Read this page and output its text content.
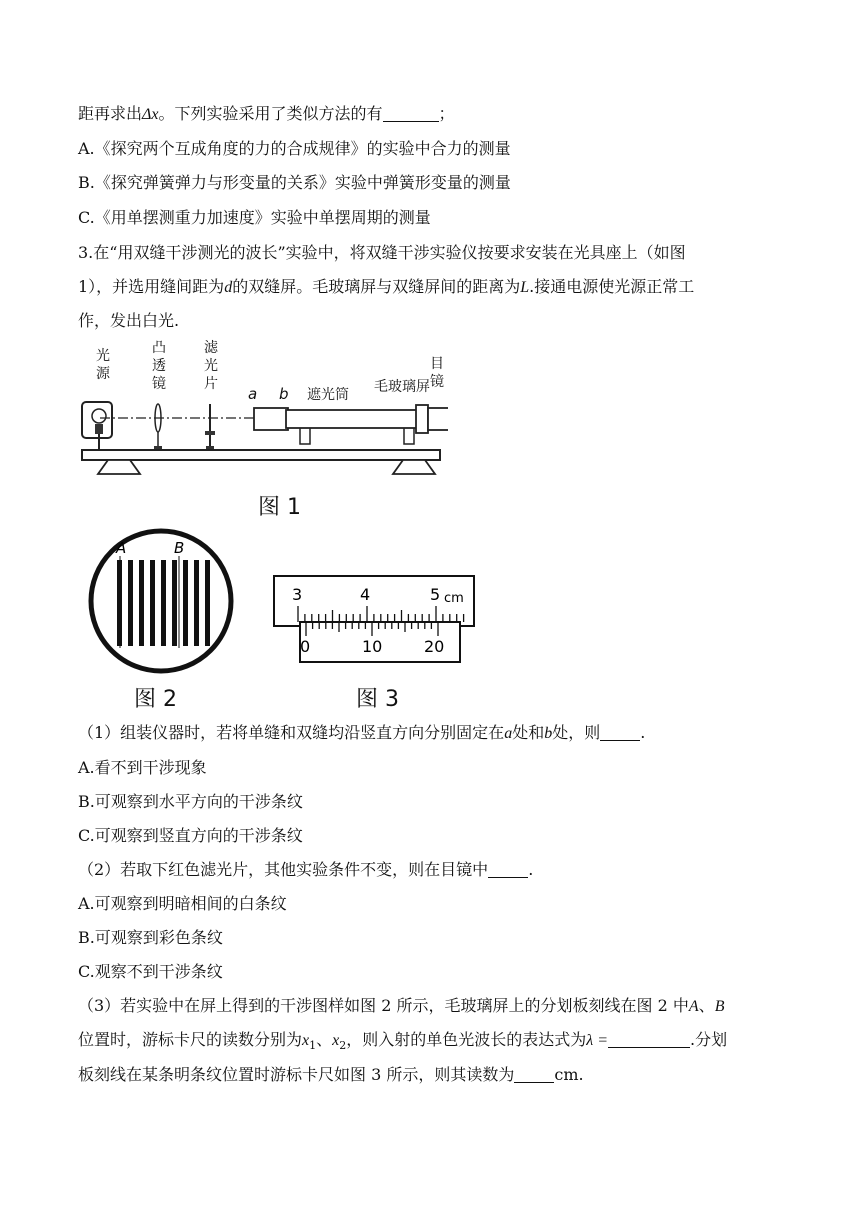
距再求出Δx。下列实验采用了类似方法的有	；
A.《探究两个互成角度的力的合成规律》的实验中合力的测量
B.《探究弹簧弹力与形变量的关系》实验中弹簧形变量的测量
C.《用单摆测重力加速度》实验中单摆周期的测量
3.在“用双缝干涉测光的波长”实验中，将双缝干涉实验仪按要求安装在光具座上（如图
1），并选用缝间距为d的双缝屏。毛玻璃屏与双缝屏间的距离为L.接通电源使光源正常工
作，发出白光.
光
源
凸
透
镜
滤
光
片
a b 遮光筒 毛玻璃屏
目
镜
图 1
A	B
图 2
3	4	5 cm
0	10	20
图 3
（1）组装仪器时，若将单缝和双缝均沿竖直方向分别固定在a处和b处，则	.
A.看不到干涉现象
B.可观察到水平方向的干涉条纹
C.可观察到竖直方向的干涉条纹
（2）若取下红色滤光片，其他实验条件不变，则在目镜中	.
A.可观察到明暗相间的白条纹
B.可观察到彩色条纹
C.观察不到干涉条纹
（3）若实验中在屏上得到的干涉图样如图 2 所示，毛玻璃屏上的分划板刻线在图 2 中A、B
位置时，游标卡尺的读数分别为$x_1$、$x_2$，则入射的单色光波长的表达式为λ =	.分划
板刻线在某条明条纹位置时游标卡尺如图 3 所示，则其读数为	cm.
